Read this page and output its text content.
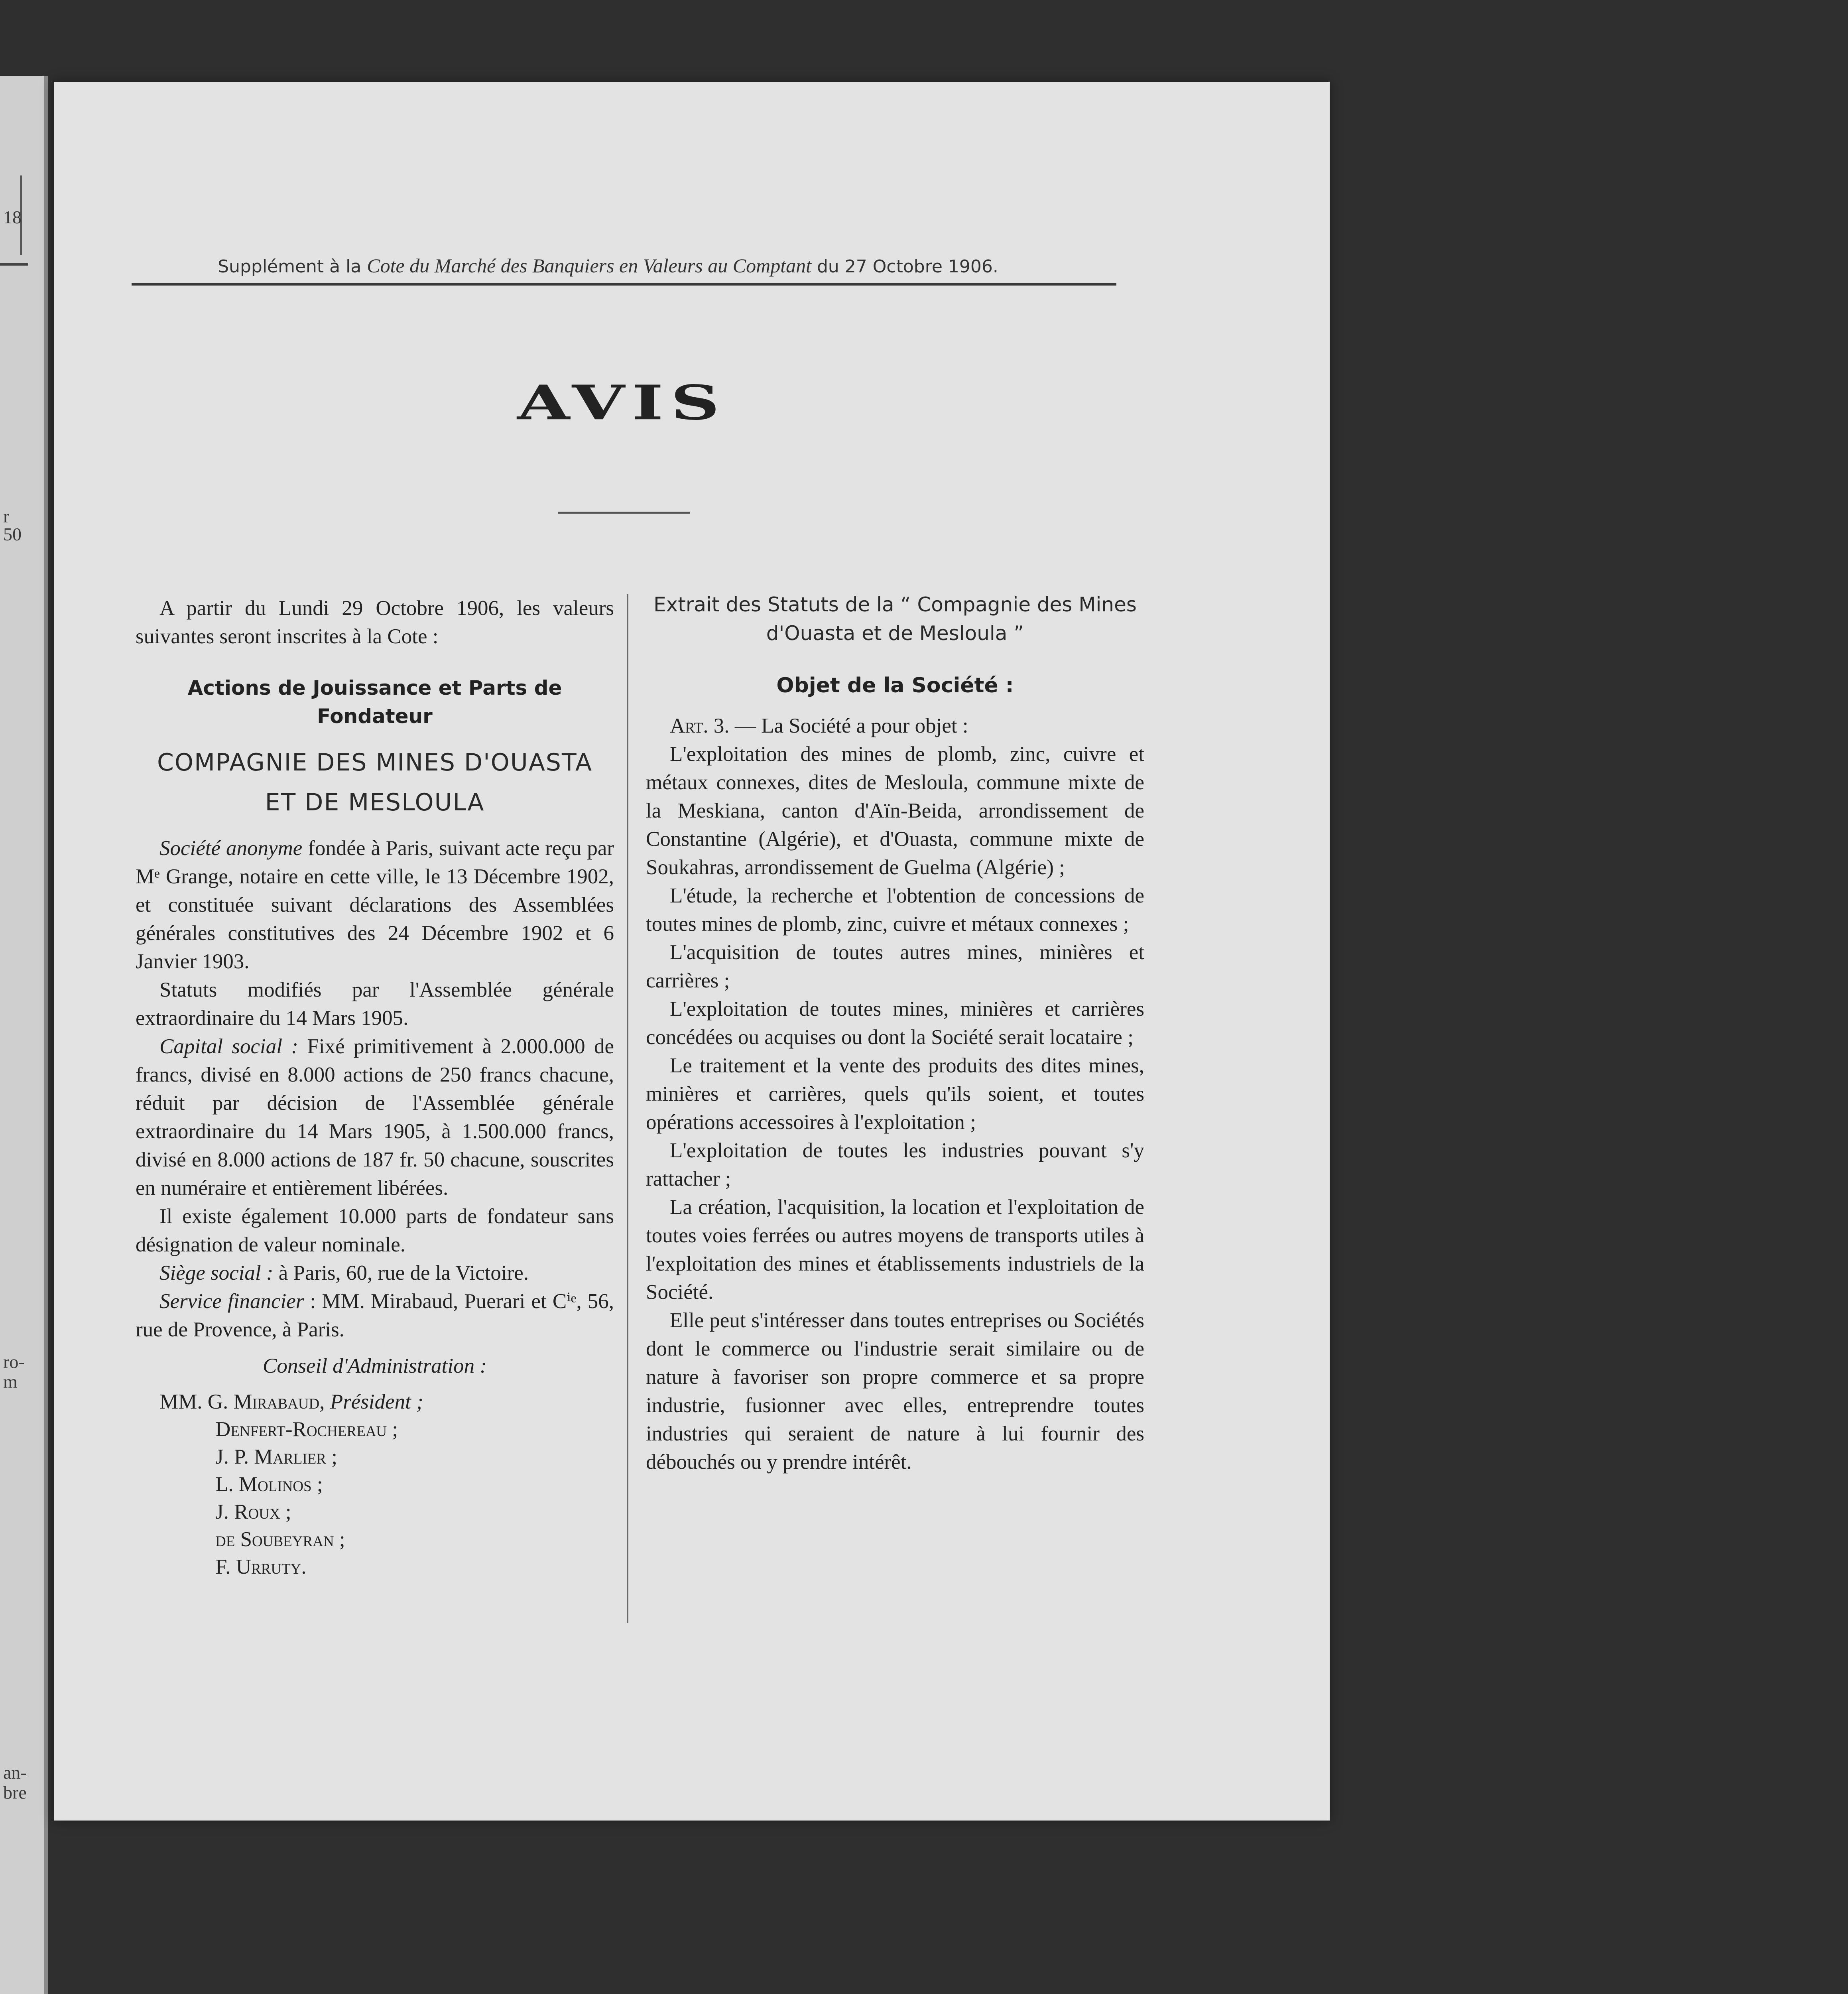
18
r
50
ro-
m
an-
bre
Supplément à la Cote du Marché des Banquiers en Valeurs au Comptant du 27 Octobre 1906.
AVIS

A partir du Lundi 29 Octobre 1906, les valeurs suivantes seront inscrites à la Cote :

Actions de Jouissance et Parts de Fondateur
COMPAGNIE DES MINES D'OUASTA
ET DE MESLOULA

Société anonyme fondée à Paris, suivant acte reçu par Mᵉ Grange, notaire en cette ville, le 13 Décembre 1902, et constituée suivant déclarations des Assemblées générales constitutives des 24 Décembre 1902 et 6 Janvier 1903.

Statuts modifiés par l'Assemblée générale extraordinaire du 14 Mars 1905.

Capital social : Fixé primitivement à 2.000.000 de francs, divisé en 8.000 actions de 250 francs chacune, réduit par décision de l'Assemblée générale extraordinaire du 14 Mars 1905, à 1.500.000 francs, divisé en 8.000 actions de 187 fr. 50 chacune, souscrites en numéraire et entièrement libérées.

Il existe également 10.000 parts de fondateur sans désignation de valeur nominale.

Siège social : à Paris, 60, rue de la Victoire.

Service financier : MM. Mirabaud, Puerari et Cⁱᵉ, 56, rue de Provence, à Paris.

Conseil d'Administration :

MM. G. Mirabaud, Président ;

Denfert-Rochereau ;

J. P. Marlier ;

L. Molinos ;

J. Roux ;

de Soubeyran ;

F. Urruty.

Extrait des Statuts de la “ Compagnie des Mines d'Ouasta et de Mesloula ”
Objet de la Société :

Art. 3. — La Société a pour objet :

L'exploitation des mines de plomb, zinc, cuivre et métaux connexes, dites de Mesloula, commune mixte de la Meskiana, canton d'Aïn-Beida, arrondissement de Constantine (Algérie), et d'Ouasta, commune mixte de Soukahras, arrondissement de Guelma (Algérie) ;

L'étude, la recherche et l'obtention de concessions de toutes mines de plomb, zinc, cuivre et métaux connexes ;

L'acquisition de toutes autres mines, minières et carrières ;

L'exploitation de toutes mines, minières et carrières concédées ou acquises ou dont la Société serait locataire ;

Le traitement et la vente des produits des dites mines, minières et carrières, quels qu'ils soient, et toutes opérations accessoires à l'exploitation ;

L'exploitation de toutes les industries pouvant s'y rattacher ;

La création, l'acquisition, la location et l'exploitation de toutes voies ferrées ou autres moyens de transports utiles à l'exploitation des mines et établissements industriels de la Société.

Elle peut s'intéresser dans toutes entreprises ou Sociétés dont le commerce ou l'industrie serait similaire ou de nature à favoriser son propre commerce et sa propre industrie, fusionner avec elles, entreprendre toutes industries qui seraient de nature à lui fournir des débouchés ou y prendre intérêt.
